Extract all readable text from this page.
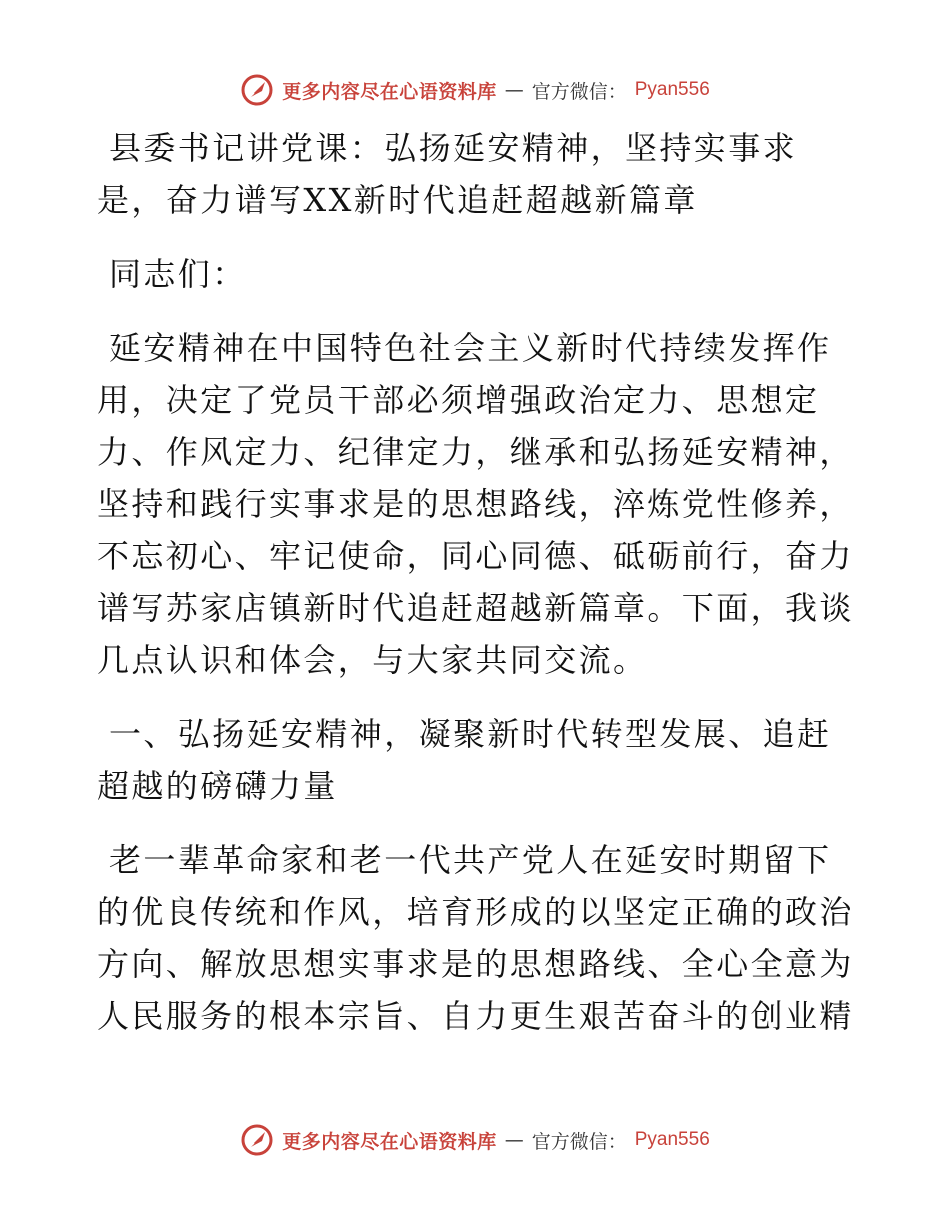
更多内容尽在心语资料库 — 官方微信： Pyan556
县委书记讲党课：弘扬延安精神，坚持实事求
是，奋力谱写XX新时代追赶超越新篇章
同志们：
延安精神在中国特色社会主义新时代持续发挥作
用，决定了党员干部必须增强政治定力、思想定
力、作风定力、纪律定力，继承和弘扬延安精神，
坚持和践行实事求是的思想路线，淬炼党性修养，
不忘初心、牢记使命，同心同德、砥砺前行，奋力
谱写苏家店镇新时代追赶超越新篇章。下面，我谈
几点认识和体会，与大家共同交流。
一、弘扬延安精神，凝聚新时代转型发展、追赶
超越的磅礴力量
老一辈革命家和老一代共产党人在延安时期留下
的优良传统和作风，培育形成的以坚定正确的政治
方向、解放思想实事求是的思想路线、全心全意为
人民服务的根本宗旨、自力更生艰苦奋斗的创业精
更多内容尽在心语资料库 — 官方微信： Pyan556
